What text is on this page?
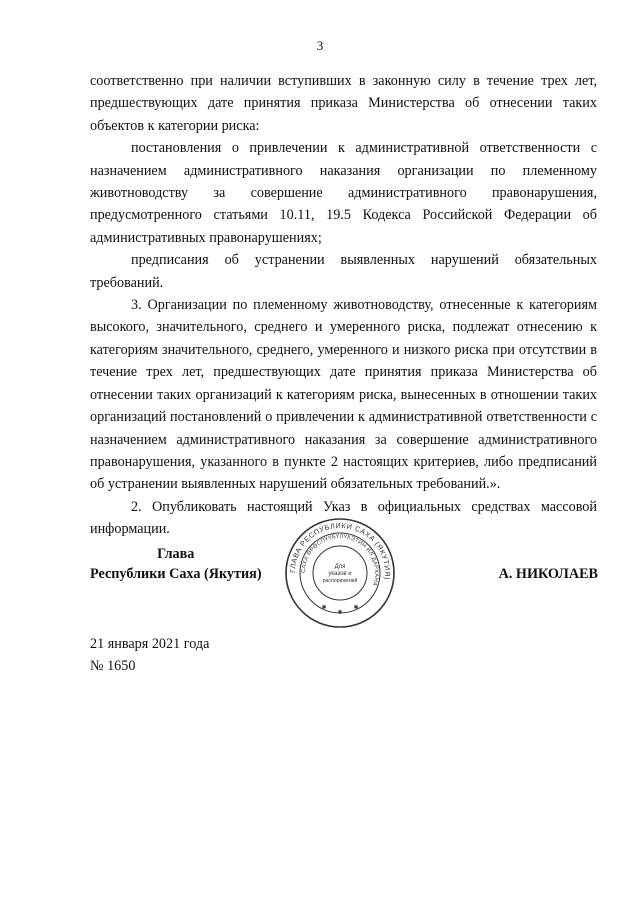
3

соответственно при наличии вступивших в законную силу в течение трех лет, предшествующих дате принятия приказа Министерства об отнесении таких объектов к категории риска:

постановления о привлечении к административной ответственности с назначением административного наказания организации по племенному животноводству за совершение административного правонарушения, предусмотренного статьями 10.11, 19.5 Кодекса Российской Федерации об административных правонарушениях;

предписания об устранении выявленных нарушений обязательных требований.

3. Организации по племенному животноводству, отнесенные к категориям высокого, значительного, среднего и умеренного риска, подлежат отнесению к категориям значительного, среднего, умеренного и низкого риска при отсутствии в течение трех лет, предшествующих дате принятия приказа Министерства об отнесении таких организаций к категориям риска, вынесенных в отношении таких организаций постановлений о привлечении к административной ответственности с назначением административного наказания за совершение административного правонарушения, указанного в пункте 2 настоящих критериев, либо предписаний об устранении выявленных нарушений обязательных требований.».

2. Опубликовать настоящий Указ в официальных средствах массовой информации.

Глава
Республики Саха (Якутия)	А. НИКОЛАЕВ
ГЛАВА РЕСПУБЛИКИ САХА (ЯКУТИЯ)
САХА ӨРӨСПҮҮБҮЛҮКЭТИН ИЛ ДАРХАНА
Для
указов и
распоряжений
✱
✱
✱
21 января 2021 года
№ 1650
